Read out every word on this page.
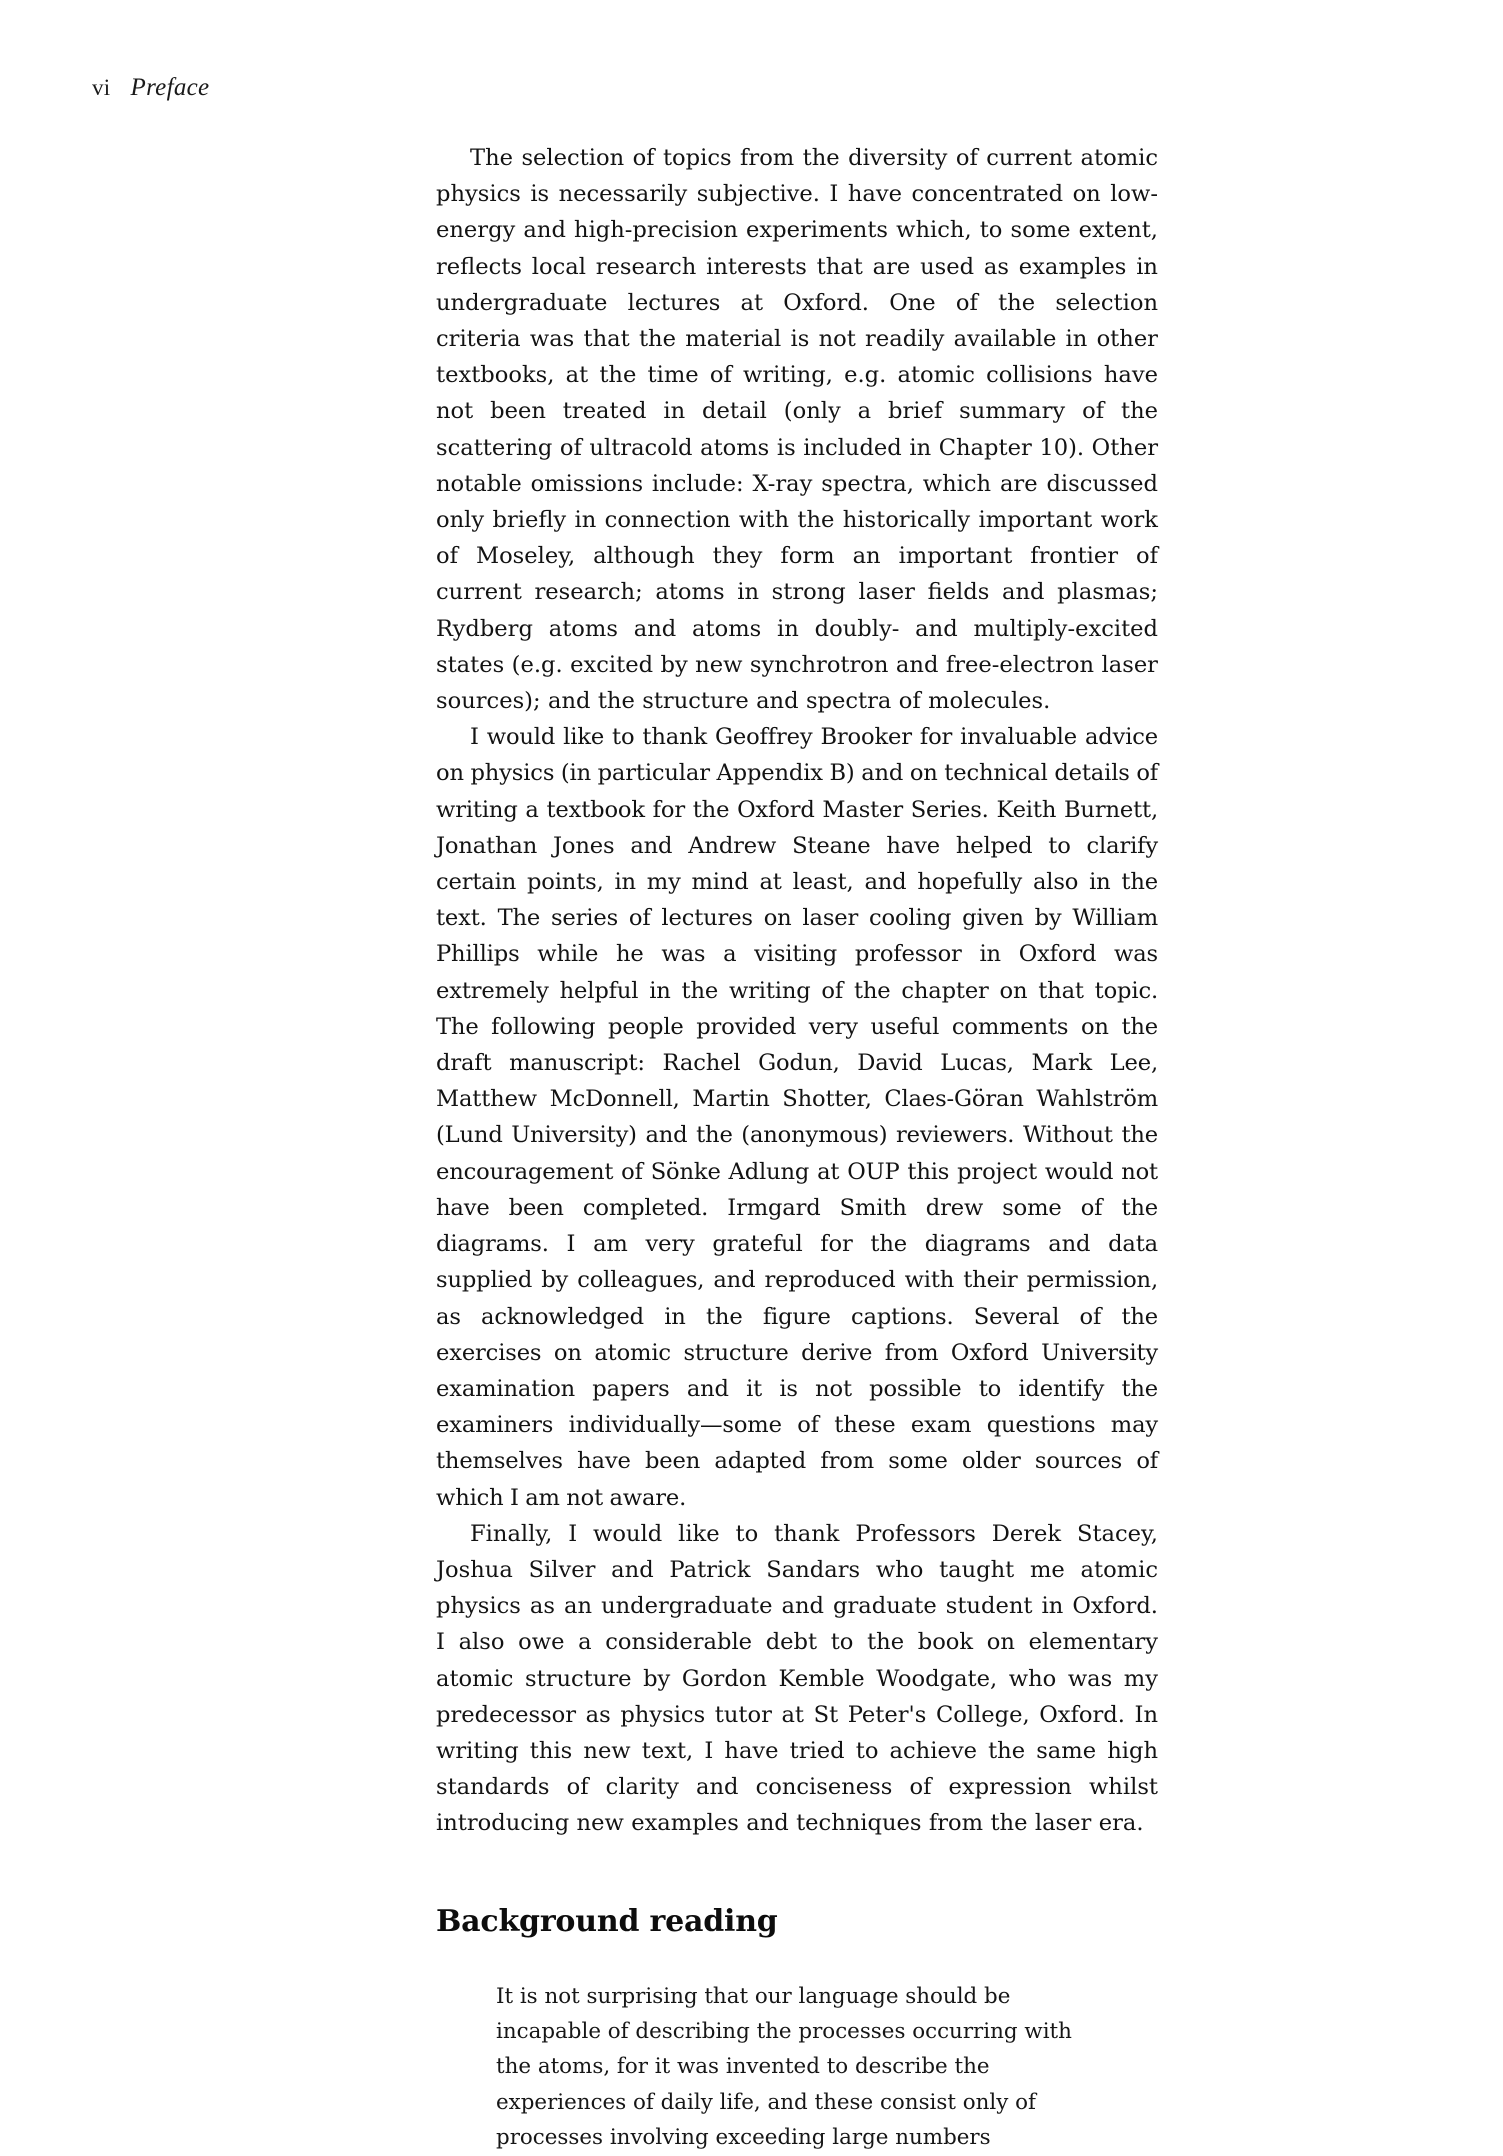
vi Preface

The selection of topics from the diversity of current atomic physics is necessarily subjective. I have concentrated on low-energy and high-precision experiments which, to some extent, reflects local research interests that are used as examples in undergraduate lectures at Oxford. One of the selection criteria was that the material is not readily available in other textbooks, at the time of writing, e.g. atomic collisions have not been treated in detail (only a brief summary of the scattering of ultracold atoms is included in Chapter 10). Other notable omissions include: X-ray spectra, which are discussed only briefly in connection with the historically important work of Moseley, although they form an important frontier of current research; atoms in strong laser fields and plasmas; Rydberg atoms and atoms in doubly- and multiply-excited states (e.g. excited by new synchrotron and free-electron laser sources); and the structure and spectra of molecules.

I would like to thank Geoffrey Brooker for invaluable advice on physics (in particular Appendix B) and on technical details of writing a textbook for the Oxford Master Series. Keith Burnett, Jonathan Jones and Andrew Steane have helped to clarify certain points, in my mind at least, and hopefully also in the text. The series of lectures on laser cooling given by William Phillips while he was a visiting professor in Oxford was extremely helpful in the writing of the chapter on that topic. The following people provided very useful comments on the draft manuscript: Rachel Godun, David Lucas, Mark Lee, Matthew McDonnell, Martin Shotter, Claes-Göran Wahlström (Lund University) and the (anonymous) reviewers. Without the encouragement of Sönke Adlung at OUP this project would not have been completed. Irmgard Smith drew some of the diagrams. I am very grateful for the diagrams and data supplied by colleagues, and reproduced with their permission, as acknowledged in the figure captions. Several of the exercises on atomic structure derive from Oxford University examination papers and it is not possible to identify the examiners individually—some of these exam questions may themselves have been adapted from some older sources of which I am not aware.

Finally, I would like to thank Professors Derek Stacey, Joshua Silver and Patrick Sandars who taught me atomic physics as an undergraduate and graduate student in Oxford. I also owe a considerable debt to the book on elementary atomic structure by Gordon Kemble Woodgate, who was my predecessor as physics tutor at St Peter's College, Oxford. In writing this new text, I have tried to achieve the same high standards of clarity and conciseness of expression whilst introducing new examples and techniques from the laser era.

Background reading
It is not surprising that our language should be incapable of describing the processes occurring with the atoms, for it was invented to describe the experiences of daily life, and these consist only of processes involving exceeding large numbers
